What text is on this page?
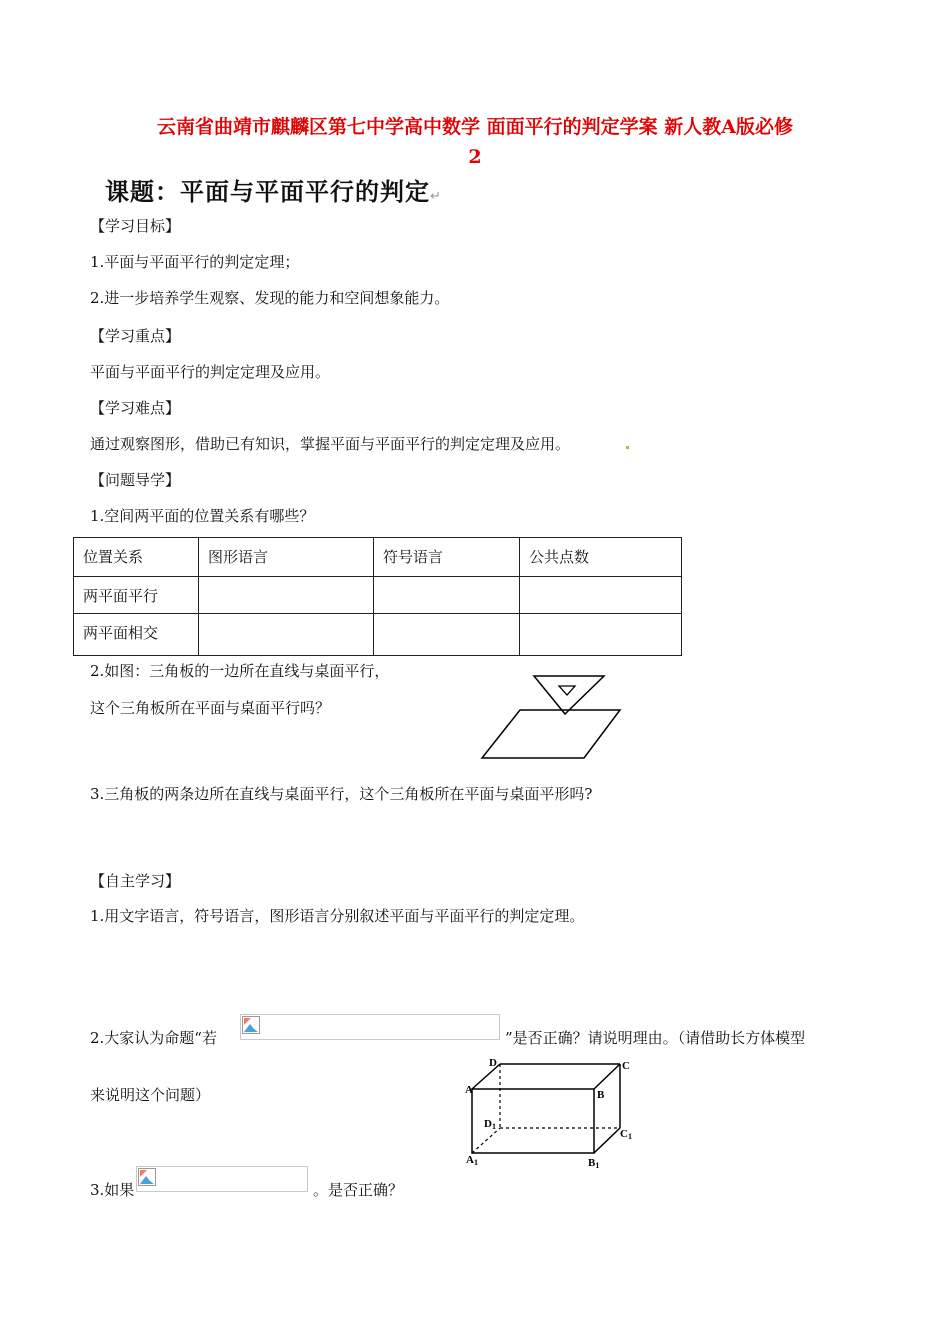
云南省曲靖市麒麟区第七中学高中数学 面面平行的判定学案 新人教A版必修
2
课题：平面与平面平行的判定↵
【学习目标】
1.平面与平面平行的判定定理；
2.进一步培养学生观察、发现的能力和空间想象能力。
【学习重点】
平面与平面平行的判定定理及应用。
【学习难点】
通过观察图形，借助已有知识，掌握平面与平面平行的判定定理及应用。
【问题导学】
1.空间两平面的位置关系有哪些？
位置关系	图形语言	符号语言	公共点数
两平面平行			
两平面相交			
2.如图：三角板的一边所在直线与桌面平行，
这个三角板所在平面与桌面平行吗？
3.三角板的两条边所在直线与桌面平行，这个三角板所在平面与桌面平形吗?
【自主学习】
1.用文字语言，符号语言，图形语言分别叙述平面与平面平行的判定定理。
2.大家认为命题“若	”是否正确？请说明理由。（请借助长方体模型
来说明这个问题）
D	C
A	B
D1
C1
A1	B1
3.如果	。是否正确？
